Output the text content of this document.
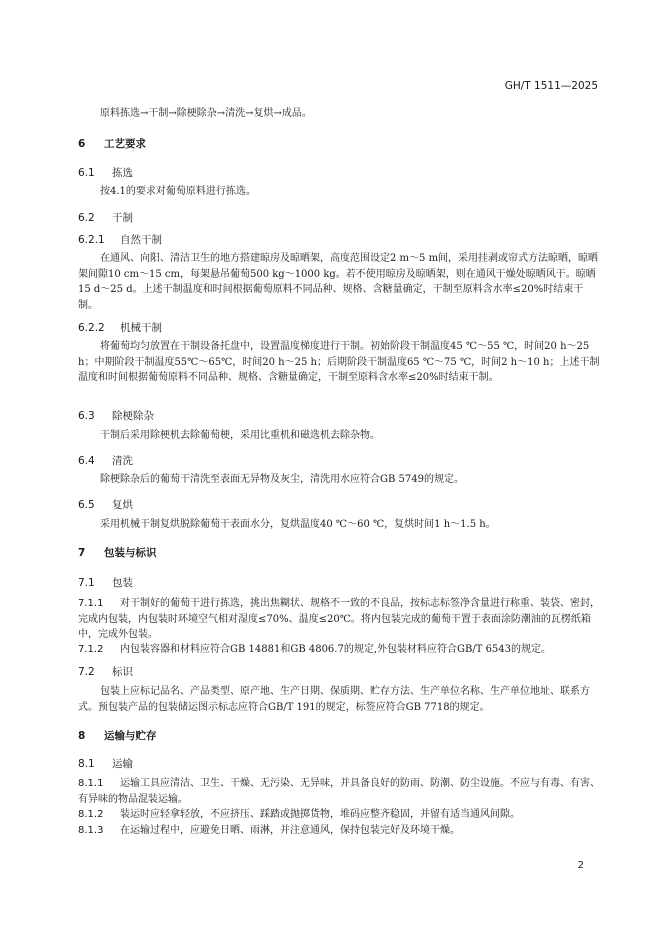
GH/T 1511—2025
原料拣选→干制→除梗除杂→清洗→复烘→成品。
6 工艺要求
6.1 拣选
按4.1的要求对葡萄原料进行拣选。
6.2 干制
6.2.1 自然干制
在通风、向阳、清洁卫生的地方搭建晾房及晾晒架，高度范围设定2 m～5 m间，采用挂剥或帘式方法晾晒，晾晒架间隙10 cm～15 cm，每架悬吊葡萄500 kg～1000 kg。若不使用晾房及晾晒架，则在通风干燥处晾晒风干。晾晒15 d～25 d。上述干制温度和时间根据葡萄原料不同品种、规格、含糖量确定，干制至原料含水率≤20%时结束干制。
6.2.2 机械干制
将葡萄均匀放置在干制设备托盘中，设置温度梯度进行干制。初始阶段干制温度45 ℃～55 ℃，时间20 h～25 h；中期阶段干制温度55℃～65℃，时间20 h～25 h；后期阶段干制温度65 ℃～75 ℃，时间2 h～10 h；上述干制温度和时间根据葡萄原料不同品种、规格、含糖量确定，干制至原料含水率≤20%时结束干制。
6.3 除梗除杂
干制后采用除梗机去除葡萄梗，采用比重机和磁选机去除杂物。
6.4 清洗
除梗除杂后的葡萄干清洗至表面无异物及灰尘，清洗用水应符合GB 5749的规定。
6.5 复烘
采用机械干制复烘脱除葡萄干表面水分，复烘温度40 ℃～60 ℃，复烘时间1 h～1.5 h。
7 包装与标识
7.1 包装
7.1.1 对干制好的葡萄干进行拣选，挑出焦糊状、规格不一致的不良品，按标志标签净含量进行称重、装袋、密封，完成内包装，内包装时环境空气相对湿度≤70%、温度≤20℃。将内包装完成的葡萄干置于表面涂防潮油的瓦楞纸箱中，完成外包装。
7.1.2 内包装容器和材料应符合GB 14881和GB 4806.7的规定,外包装材料应符合GB/T 6543的规定。
7.2 标识
包装上应标记品名、产品类型、原产地、生产日期、保质期、贮存方法、生产单位名称、生产单位地址、联系方式。预包装产品的包装储运图示标志应符合GB/T 191的规定，标签应符合GB 7718的规定。
8 运输与贮存
8.1 运输
8.1.1 运输工具应清洁、卫生、干燥、无污染、无异味，并具备良好的防雨、防潮、防尘设施。不应与有毒、有害、有异味的物品混装运输。
8.1.2 装运时应轻拿轻放，不应挤压、踩踏或抛掷货物，堆码应整齐稳固，并留有适当通风间隙。
8.1.3 在运输过程中，应避免日晒、雨淋，并注意通风，保持包装完好及环境干燥。
2
